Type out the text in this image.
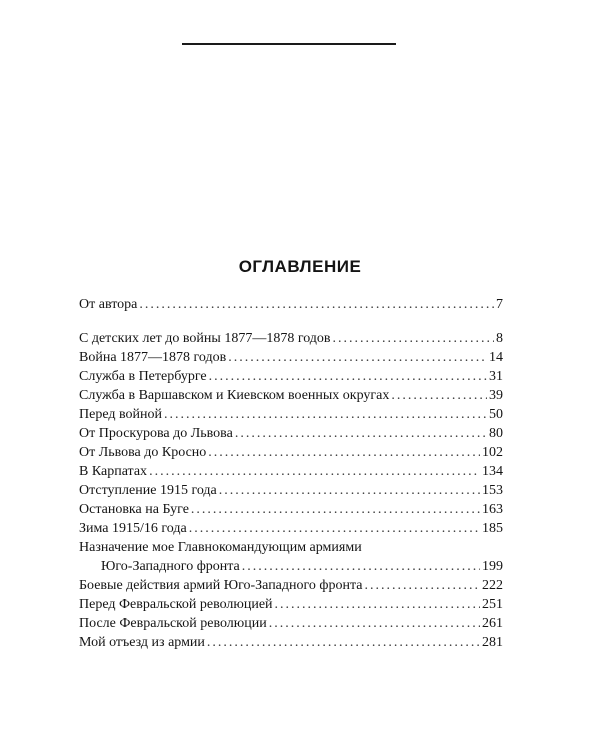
ОГЛАВЛЕНИЕ
От автора .....	7
С детских лет до войны 1877—1878 годов .....	8
Война 1877—1878 годов .....	14
Служба в Петербурге .....	31
Служба в Варшавском и Киевском военных округах .....	39
Перед войной .....	50
От Проскурова до Львова .....	80
От Львова до Кросно .....	102
В Карпатах .....	134
Отступление 1915 года .....	153
Остановка на Буге .....	163
Зима 1915/16 года .....	185
Назначение мое Главнокомандующим армиями
Юго-Западного фронта .....	199
Боевые действия армий Юго-Западного фронта .....	222
Перед Февральской революцией .....	251
После Февральской революции .....	261
Мой отъезд из армии .....	281
